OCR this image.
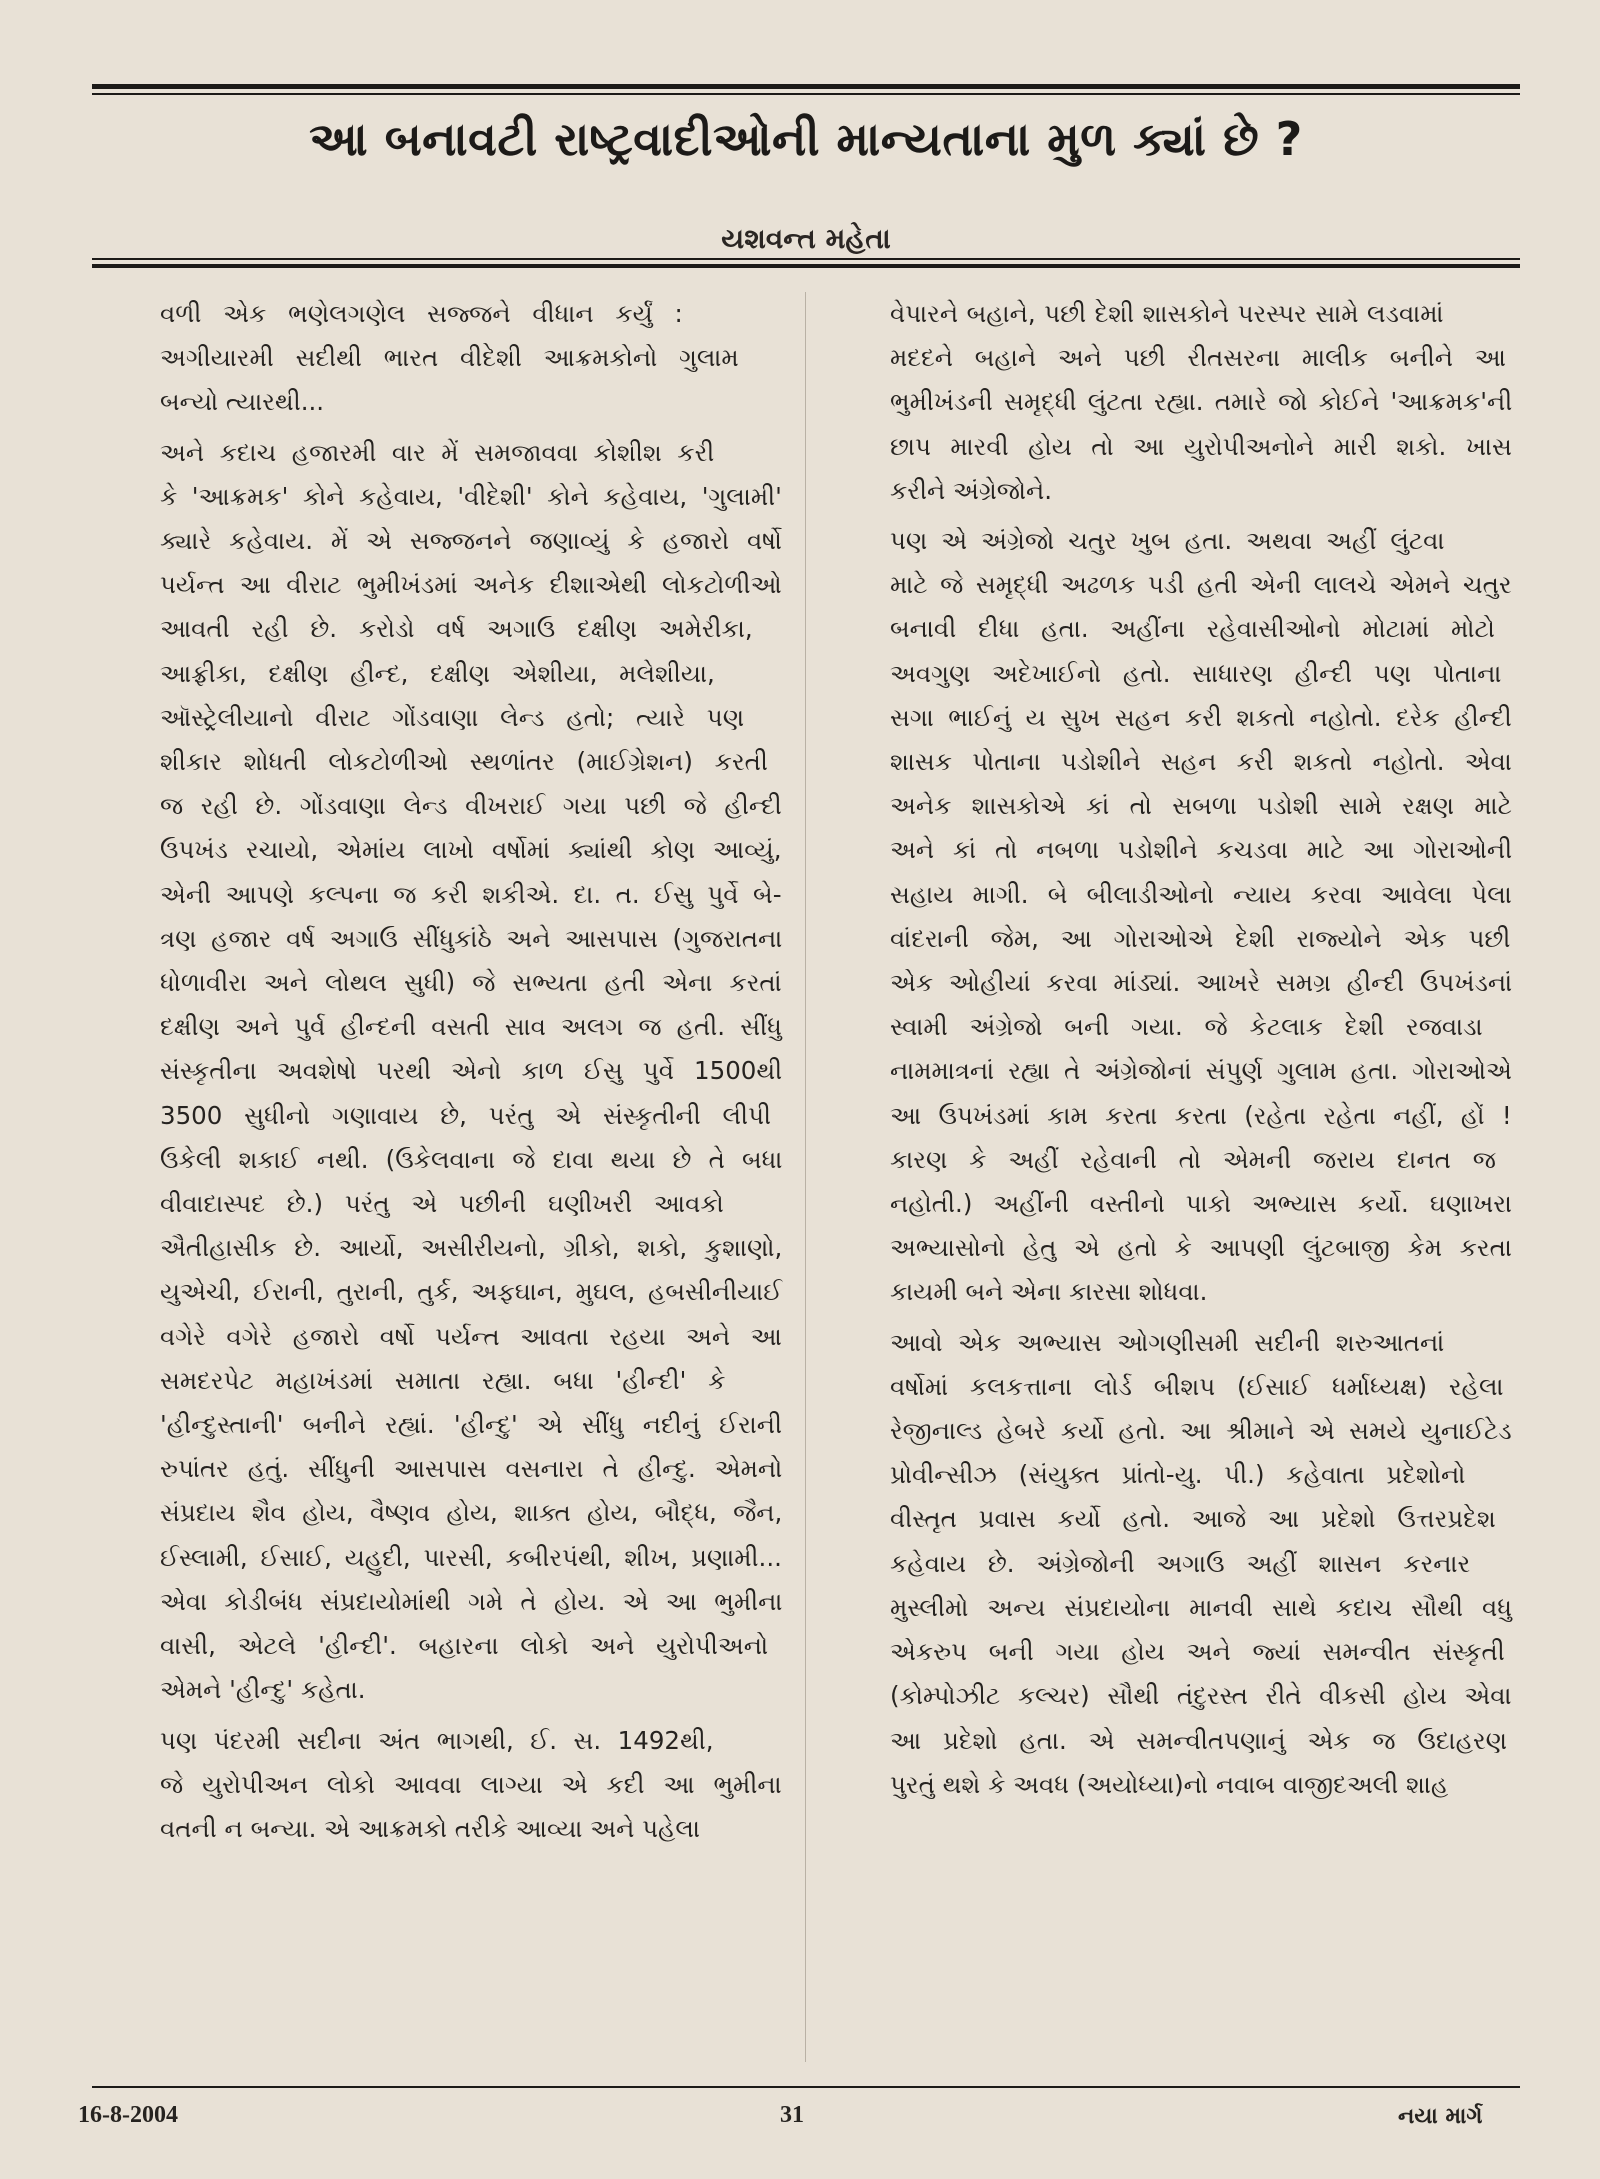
આ બનાવટી રાષ્ટ્રવાદીઓની માન્યતાના મુળ ક્યાં છે ?
યશવન્ત મહેતા

વળી એક ભણેલગણેલ સજ્જને વીધાન કર્યું :
અગીયારમી સદીથી ભારત વીદેશી આક્રમકોનો ગુલામ
બન્યો ત્યારથી...

અને કદાચ હજારમી વાર મેં સમજાવવા કોશીશ કરી
કે 'આક્રમક' કોને કહેવાય, 'વીદેશી' કોને કહેવાય, 'ગુલામી'
ક્યારે કહેવાય. મેં એ સજ્જનને જણાવ્યું કે હજારો વર્ષો
પર્યન્ત આ વીરાટ ભુમીખંડમાં અનેક દીશાએથી લોકટોળીઓ
આવતી રહી છે. કરોડો વર્ષ અગાઉ દક્ષીણ અમેરીકા,
આફ્રીકા, દક્ષીણ હીન્દ, દક્ષીણ એશીયા, મલેશીયા,
ઑસ્ટ્રેલીયાનો વીરાટ ગોંડવાણા લેન્ડ હતો; ત્યારે પણ
શીકાર શોધતી લોકટોળીઓ સ્થળાંતર (માઈગ્રેશન) કરતી
જ રહી છે. ગોંડવાણા લેન્ડ વીખરાઈ ગયા પછી જે હીન્દી
ઉપખંડ રચાયો, એમાંય લાખો વર્ષોમાં ક્યાંથી કોણ આવ્યું,
એની આપણે કલ્પના જ કરી શકીએ. દા. ત. ઈસુ પુર્વે બે-
ત્રણ હજાર વર્ષ અગાઉ સીંધુકાંઠે અને આસપાસ (ગુજરાતના
ધોળાવીરા અને લોથલ સુધી) જે સભ્યતા હતી એના કરતાં
દક્ષીણ અને પુર્વ હીન્દની વસતી સાવ અલગ જ હતી. સીંધુ
સંસ્કૃતીના અવશેષો પરથી એનો કાળ ઈસુ પુર્વે 1500થી
3500 સુધીનો ગણાવાય છે, પરંતુ એ સંસ્કૃતીની લીપી
ઉકેલી શકાઈ નથી. (ઉકેલવાના જે દાવા થયા છે તે બધા
વીવાદાસ્પદ છે.) પરંતુ એ પછીની ઘણીખરી આવકો
ઐતીહાસીક છે. આર્યો, અસીરીયનો, ગ્રીકો, શકો, કુશાણો,
યુએચી, ઈરાની, તુરાની, તુર્ક, અફઘાન, મુઘલ, હબસીનીયાઈ
વગેરે વગેરે હજારો વર્ષો પર્યન્ત આવતા રહયા અને આ
સમદરપેટ મહાખંડમાં સમાતા રહ્યા. બધા 'હીન્દી' કે
'હીન્દુસ્તાની' બનીને રહ્યાં. 'હીન્દુ' એ સીંધુ નદીનું ઈરાની
રુપાંતર હતું. સીંધુની આસપાસ વસનારા તે હીન્દુ. એમનો
સંપ્રદાય શૈવ હોય, વૈષ્ણવ હોય, શાક્ત હોય, બૌદ્ધ, જૈન,
ઈસ્લામી, ઈસાઈ, યહુદી, પારસી, કબીરપંથી, શીખ, પ્રણામી...
એવા કોડીબંધ સંપ્રદાયોમાંથી ગમે તે હોય. એ આ ભુમીના
વાસી, એટલે 'હીન્દી'. બહારના લોકો અને યુરોપીઅનો
એમને 'હીન્દુ' કહેતા.

પણ પંદરમી સદીના અંત ભાગથી, ઈ. સ. 1492થી,
જે યુરોપીઅન લોકો આવવા લાગ્યા એ કદી આ ભુમીના
વતની ન બન્યા. એ આક્રમકો તરીકે આવ્યા અને પહેલા

વેપારને બહાને, પછી દેશી શાસકોને પરસ્પર સામે લડવામાં
મદદને બહાને અને પછી રીતસરના માલીક બનીને આ
ભુમીખંડની સમૃદ્ધી લુંટતા રહ્યા. તમારે જો કોઈને 'આક્રમક'ની
છાપ મારવી હોય તો આ યુરોપીઅનોને મારી શકો. ખાસ
કરીને અંગ્રેજોને.

પણ એ અંગ્રેજો ચતુર ખુબ હતા. અથવા અહીં લુંટવા
માટે જે સમૃદ્ધી અઢળક પડી હતી એની લાલચે એમને ચતુર
બનાવી દીધા હતા. અહીંના રહેવાસીઓનો મોટામાં મોટો
અવગુણ અદેખાઈનો હતો. સાધારણ હીન્દી પણ પોતાના
સગા ભાઈનું ય સુખ સહન કરી શકતો નહોતો. દરેક હીન્દી
શાસક પોતાના પડોશીને સહન કરી શકતો નહોતો. એવા
અનેક શાસકોએ કાં તો સબળા પડોશી સામે રક્ષણ માટે
અને કાં તો નબળા પડોશીને કચડવા માટે આ ગોરાઓની
સહાય માગી. બે બીલાડીઓનો ન્યાય કરવા આવેલા પેલા
વાંદરાની જેમ, આ ગોરાઓએ દેશી રાજ્યોને એક પછી
એક ઓહીયાં કરવા માંડ્યાં. આખરે સમગ્ર હીન્દી ઉપખંડનાં
સ્વામી અંગ્રેજો બની ગયા. જે કેટલાક દેશી રજવાડા
નામમાત્રનાં રહ્યા તે અંગ્રેજોનાં સંપુર્ણ ગુલામ હતા. ગોરાઓએ
આ ઉપખંડમાં કામ કરતા કરતા (રહેતા રહેતા નહીં, હોં !
કારણ કે અહીં રહેવાની તો એમની જરાય દાનત જ
નહોતી.) અહીંની વસ્તીનો પાકો અભ્યાસ કર્યો. ઘણાખરા
અભ્યાસોનો હેતુ એ હતો કે આપણી લુંટબાજી કેમ કરતા
કાયમી બને એના કારસા શોધવા.

આવો એક અભ્યાસ ઓગણીસમી સદીની શરુઆતનાં
વર્ષોમાં કલકત્તાના લોર્ડ બીશપ (ઈસાઈ ધર્માધ્યક્ષ) રહેલા
રેજીનાલ્ડ હેબરે કર્યો હતો. આ શ્રીમાને એ સમયે યુનાઈટેડ
પ્રોવીન્સીઝ (સંયુક્ત પ્રાંતો-યુ. પી.) કહેવાતા પ્રદેશોનો
વીસ્તૃત પ્રવાસ કર્યો હતો. આજે આ પ્રદેશો ઉત્તરપ્રદેશ
કહેવાય છે. અંગ્રેજોની અગાઉ અહીં શાસન કરનાર
મુસ્લીમો અન્ય સંપ્રદાયોના માનવી સાથે કદાચ સૌથી વધુ
એકરુપ બની ગયા હોય અને જ્યાં સમન્વીત સંસ્કૃતી
(કોમ્પોઝીટ કલ્ચર) સૌથી તંદુરસ્ત રીતે વીકસી હોય એવા
આ પ્રદેશો હતા. એ સમન્વીતપણાનું એક જ ઉદાહરણ
પુરતું થશે કે અવધ (અયોધ્યા)નો નવાબ વાજીદઅલી શાહ

16-8-2004	31	નયા માર્ગ
